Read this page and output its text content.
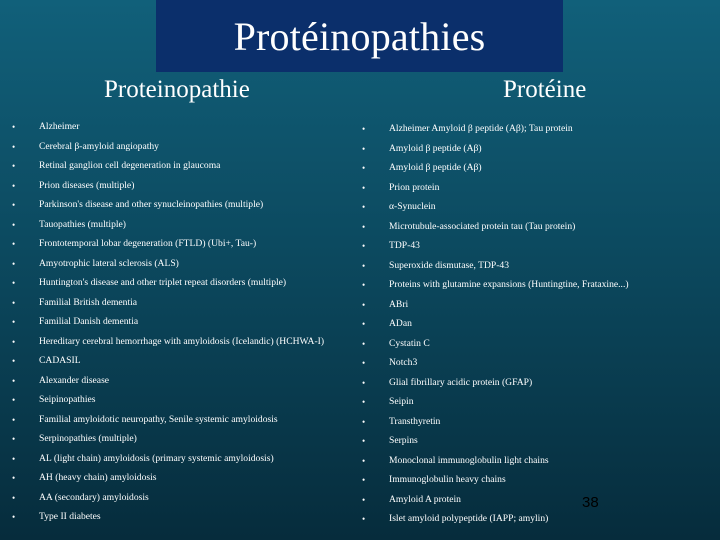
Protéinopathies
Proteinopathie	Protéine
• Alzheimer
• Cerebral β-amyloid angiopathy
• Retinal ganglion cell degeneration in glaucoma
• Prion diseases (multiple)
• Parkinson's disease and other synucleinopathies (multiple)
• Tauopathies (multiple)
• Frontotemporal lobar degeneration (FTLD) (Ubi+, Tau-)
• Amyotrophic lateral sclerosis (ALS)
• Huntington's disease and other triplet repeat disorders (multiple)
• Familial British dementia
• Familial Danish dementia
• Hereditary cerebral hemorrhage with amyloidosis (Icelandic) (HCHWA-I)
• CADASIL
• Alexander disease
• Seipinopathies
• Familial amyloidotic neuropathy, Senile systemic amyloidosis
• Serpinopathies (multiple)
• AL (light chain) amyloidosis (primary systemic amyloidosis)
• AH (heavy chain) amyloidosis
• AA (secondary) amyloidosis
• Type II diabetes
• Alzheimer Amyloid β peptide (Aβ); Tau protein
• Amyloid β peptide (Aβ)
• Amyloid β peptide (Aβ)
• Prion protein
• α-Synuclein
• Microtubule-associated protein tau (Tau protein)
• TDP-43
• Superoxide dismutase, TDP-43
• Proteins with glutamine expansions (Huntingtine, Frataxine...)
• ABri
• ADan
• Cystatin C
• Notch3
• Glial fibrillary acidic protein (GFAP)
• Seipin
• Transthyretin
• Serpins
• Monoclonal immunoglobulin light chains
• Immunoglobulin heavy chains
• Amyloid A protein
• Islet amyloid polypeptide (IAPP; amylin)
38
